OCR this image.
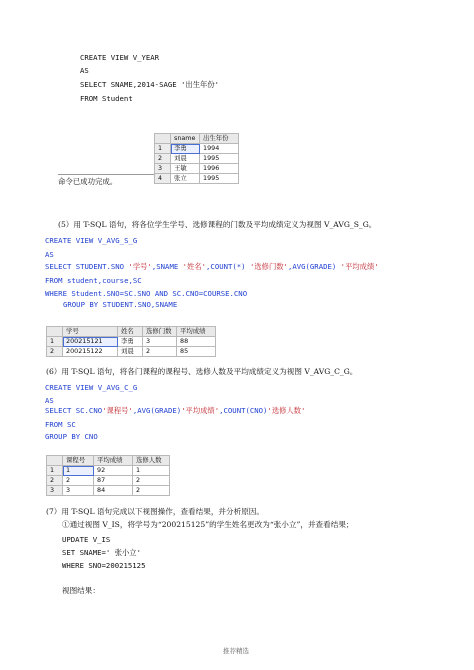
CREATE VIEW V_YEAR
AS
SELECT SNAME,2014-SAGE '出生年份'
FROM Student
	sname	出生年份
1	李勇	1994
2	刘晨	1995
3	王敏	1996
4	张立	1995
命令已成功完成。
(5）用 T-SQL 语句，将各位学生学号、选修课程的门数及平均成绩定义为视图 V_AVG_S_G。
CREATE VIEW V_AVG_S_G
AS
SELECT STUDENT.SNO '学号',SNAME '姓名',COUNT(*) '选修门数',AVG(GRADE) '平均成绩'
FROM student,course,SC
WHERE Student.SNO=SC.SNO AND SC.CNO=COURSE.CNO
GROUP BY STUDENT.SNO,SNAME
	学号	姓名	选修门数	平均成绩
1	200215121	李勇	3	88
2	200215122	刘晨	2	85
(6）用 T-SQL 语句，将各门课程的课程号、选修人数及平均成绩定义为视图 V_AVG_C_G。
CREATE VIEW V_AVG_C_G
AS
SELECT SC.CNO'课程号',AVG(GRADE)'平均成绩',COUNT(CNO)'选修人数'
FROM SC
GROUP BY CNO
	课程号	平均成绩	选修人数
1	1	92	1
2	2	87	2
3	3	84	2
(7）用 T-SQL 语句完成以下视图操作，查看结果，并分析原因。
①通过视图 V_IS，将学号为“200215125”的学生姓名更改为“张小立”，并查看结果；
UPDATE V_IS
SET SNAME=' 张小立'
WHERE SNO=200215125
视图结果：
推荐精选
